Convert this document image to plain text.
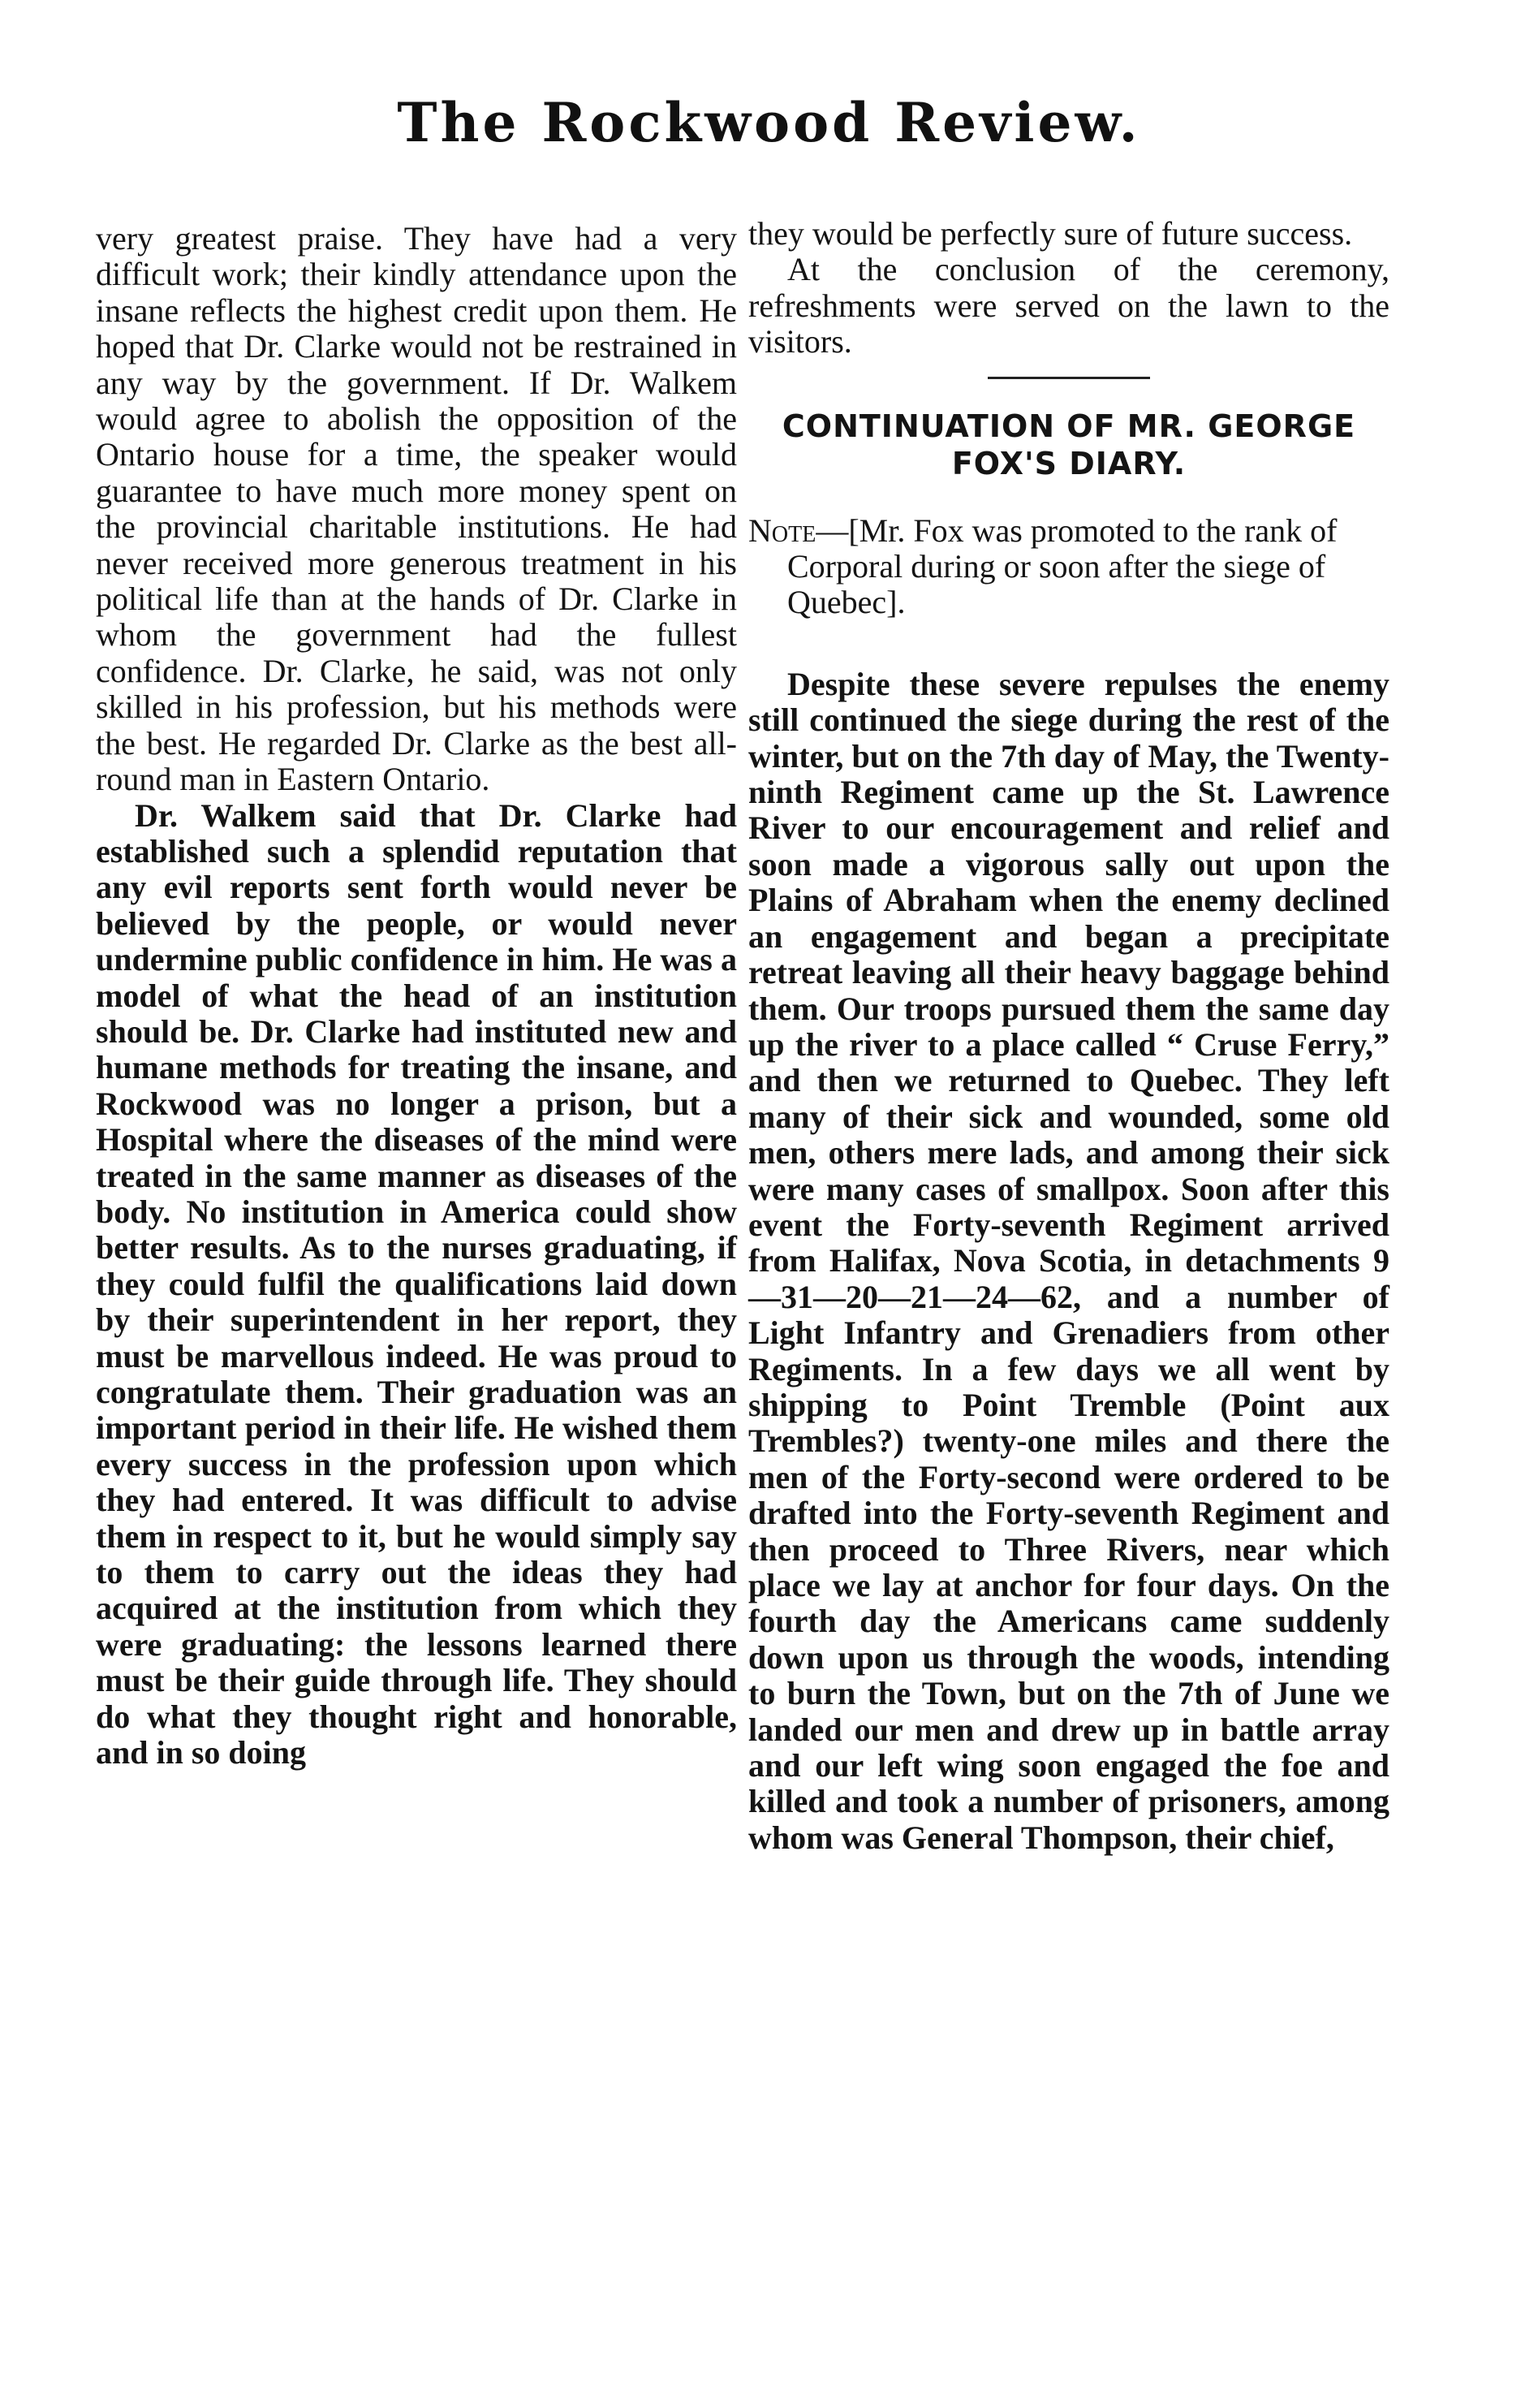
The Rockwood Review.

very greatest praise. They have had a very difficult work; their kindly attendance upon the insane reflects the highest credit upon them. He hoped that Dr. Clarke would not be restrained in any way by the government. If Dr. Walkem would agree to abolish the opposition of the Ontario house for a time, the speaker would guarantee to have much more money spent on the provincial charitable institutions. He had never received more generous treatment in his political life than at the hands of Dr. Clarke in whom the government had the fullest confidence. Dr. Clarke, he said, was not only skilled in his profession, but his methods were the best. He regarded Dr. Clarke as the best all-round man in Eastern Ontario.

Dr. Walkem said that Dr. Clarke had established such a splendid reputation that any evil reports sent forth would never be believed by the people, or would never undermine public confidence in him. He was a model of what the head of an institution should be. Dr. Clarke had instituted new and humane methods for treating the insane, and Rockwood was no longer a prison, but a Hospital where the diseases of the mind were treated in the same manner as diseases of the body. No institution in America could show better results. As to the nurses graduating, if they could fulfil the qualifications laid down by their superintendent in her report, they must be marvellous indeed. He was proud to congratulate them. Their graduation was an important period in their life. He wished them every success in the profession upon which they had entered. It was difficult to advise them in respect to it, but he would simply say to them to carry out the ideas they had acquired at the institution from which they were graduating: the lessons learned there must be their guide through life. They should do what they thought right and honorable, and in so doing

they would be perfectly sure of future success.

At the conclusion of the ceremony, refreshments were served on the lawn to the visitors.

CONTINUATION OF MR. GEORGE FOX'S DIARY.
Note—[Mr. Fox was promoted to the rank of Corporal during or soon after the siege of Quebec].

Despite these severe repulses the enemy still continued the siege during the rest of the winter, but on the 7th day of May, the Twenty-ninth Regiment came up the St. Lawrence River to our encouragement and relief and soon made a vigorous sally out upon the Plains of Abraham when the enemy declined an engagement and began a precipitate retreat leaving all their heavy baggage behind them. Our troops pursued them the same day up the river to a place called “ Cruse Ferry,” and then we returned to Quebec. They left many of their sick and wounded, some old men, others mere lads, and among their sick were many cases of smallpox. Soon after this event the Forty-seventh Regiment arrived from Halifax, Nova Scotia, in detachments 9—31—20—21—24—62, and a number of Light Infantry and Grenadiers from other Regiments. In a few days we all went by shipping to Point Tremble (Point aux Trembles?) twenty-one miles and there the men of the Forty-second were ordered to be drafted into the Forty-seventh Regiment and then proceed to Three Rivers, near which place we lay at anchor for four days. On the fourth day the Americans came suddenly down upon us through the woods, intending to burn the Town, but on the 7th of June we landed our men and drew up in battle array and our left wing soon engaged the foe and killed and took a number of prisoners, among whom was General Thompson, their chief,
